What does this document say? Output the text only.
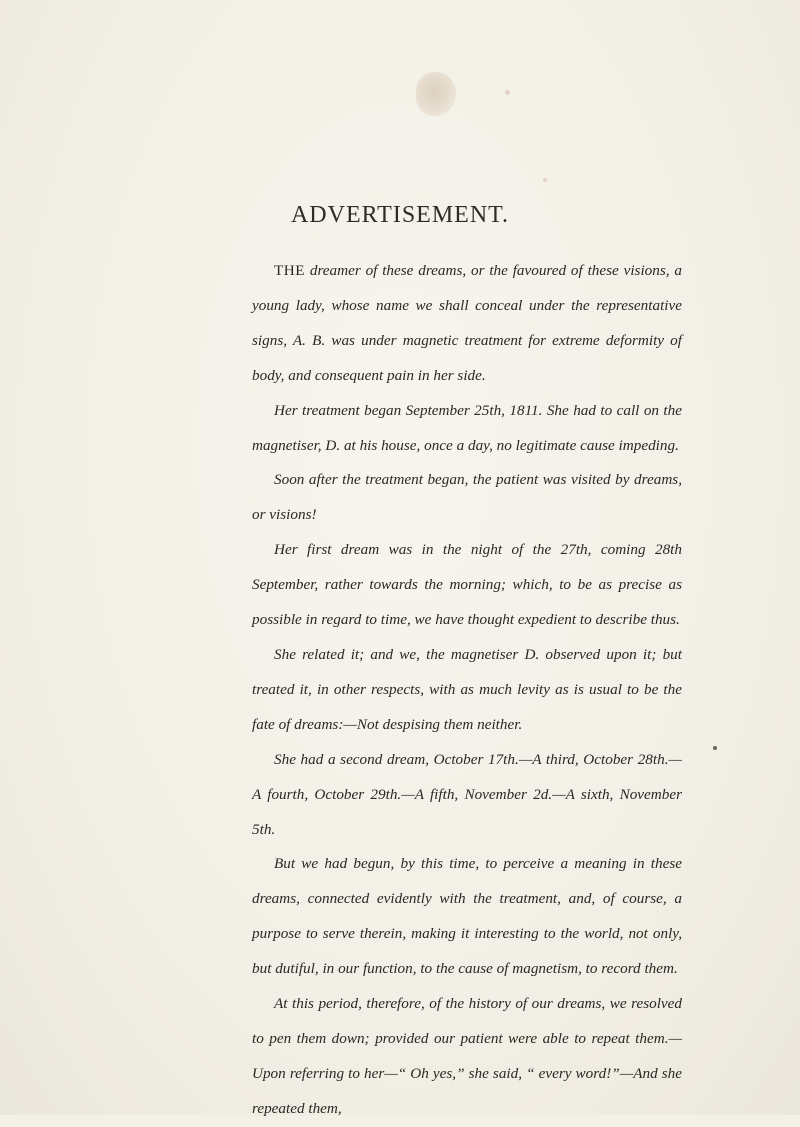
ADVERTISEMENT.

THE dreamer of these dreams, or the favoured of these visions, a young lady, whose name we shall conceal under the representative signs, A. B. was under magnetic treatment for extreme deformity of body, and consequent pain in her side.

Her treatment began September 25th, 1811. She had to call on the magnetiser, D. at his house, once a day, no legitimate cause impeding.

Soon after the treatment began, the patient was visited by dreams, or visions!

Her first dream was in the night of the 27th, coming 28th September, rather towards the morning; which, to be as precise as possible in regard to time, we have thought expedient to describe thus.

She related it; and we, the magnetiser D. observed upon it; but treated it, in other respects, with as much levity as is usual to be the fate of dreams:—Not despising them neither.

She had a second dream, October 17th.—A third, October 28th.—A fourth, October 29th.—A fifth, November 2d.—A sixth, November 5th.

But we had begun, by this time, to perceive a meaning in these dreams, connected evidently with the treatment, and, of course, a purpose to serve therein, making it interesting to the world, not only, but dutiful, in our function, to the cause of magnetism, to record them.

At this period, therefore, of the history of our dreams, we resolved to pen them down; provided our patient were able to repeat them.—Upon referring to her—“ Oh yes,” she said, “ every word!”—And she repeated them,
